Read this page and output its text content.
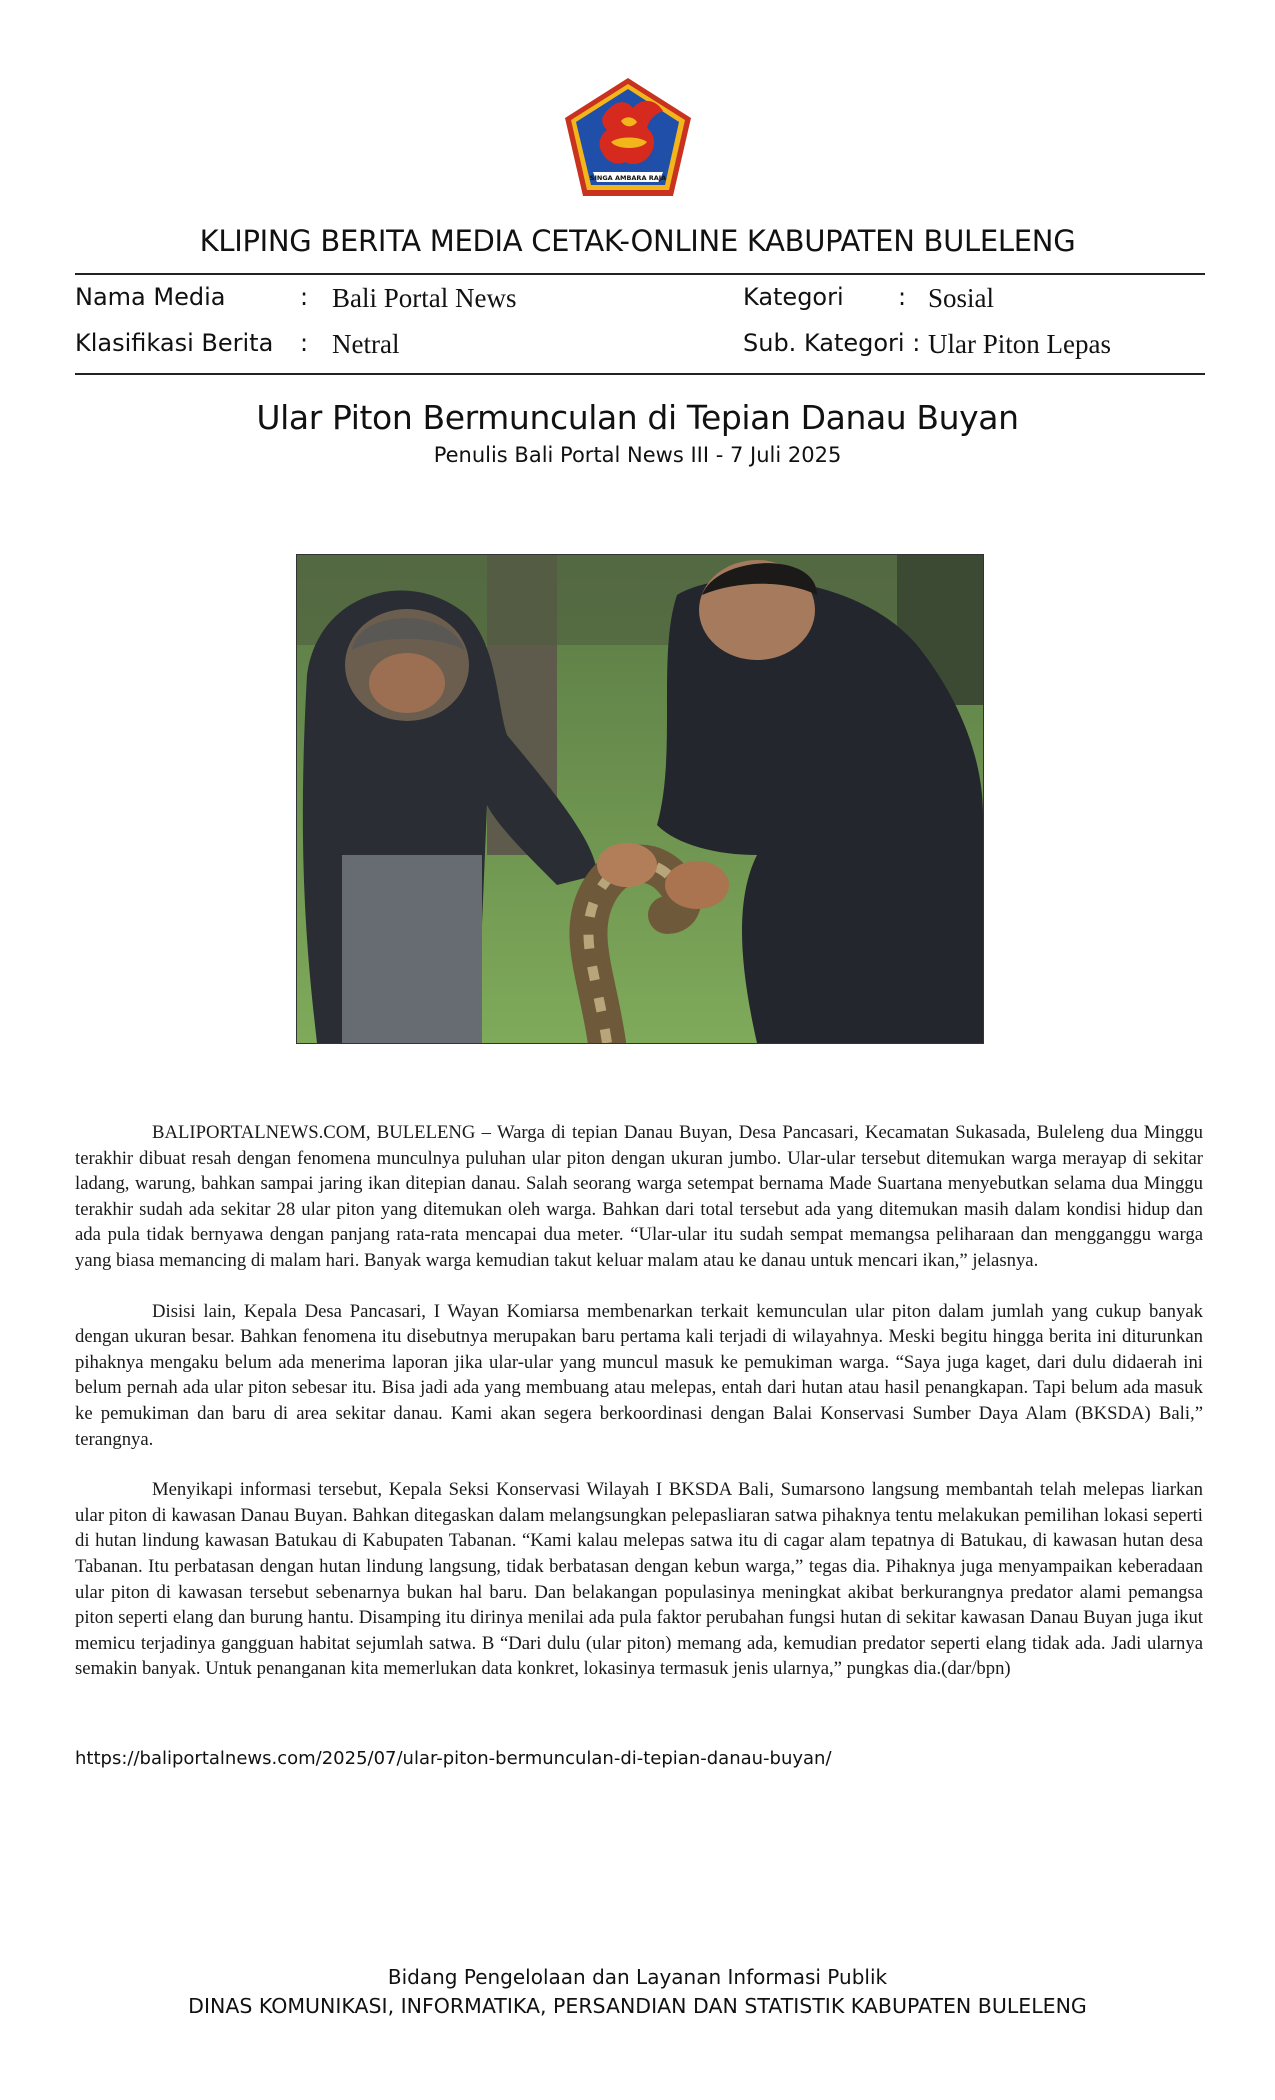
SINGA AMBARA RAJA
KLIPING BERITA MEDIA CETAK-ONLINE KABUPATEN BULELENG
Nama Media	: Bali Portal News	Kategori : Sosial
Klasifikasi Berita : Netral	Sub. Kategori : Ular Piton Lepas
Ular Piton Bermunculan di Tepian Danau Buyan
Penulis Bali Portal News III - 7 Juli 2025

BALIPORTALNEWS.COM, BULELENG – Warga di tepian Danau Buyan, Desa Pancasari, Kecamatan Sukasada, Buleleng dua Minggu terakhir dibuat resah dengan fenomena munculnya puluhan ular piton dengan ukuran jumbo. Ular-ular tersebut ditemukan warga merayap di sekitar ladang, warung, bahkan sampai jaring ikan ditepian danau. Salah seorang warga setempat bernama Made Suartana menyebutkan selama dua Minggu terakhir sudah ada sekitar 28 ular piton yang ditemukan oleh warga. Bahkan dari total tersebut ada yang ditemukan masih dalam kondisi hidup dan ada pula tidak bernyawa dengan panjang rata-rata mencapai dua meter. “Ular-ular itu sudah sempat memangsa peliharaan dan mengganggu warga yang biasa memancing di malam hari. Banyak warga kemudian takut keluar malam atau ke danau untuk mencari ikan,” jelasnya.

Disisi lain, Kepala Desa Pancasari, I Wayan Komiarsa membenarkan terkait kemunculan ular piton dalam jumlah yang cukup banyak dengan ukuran besar. Bahkan fenomena itu disebutnya merupakan baru pertama kali terjadi di wilayahnya. Meski begitu hingga berita ini diturunkan pihaknya mengaku belum ada menerima laporan jika ular-ular yang muncul masuk ke pemukiman warga. “Saya juga kaget, dari dulu didaerah ini belum pernah ada ular piton sebesar itu. Bisa jadi ada yang membuang atau melepas, entah dari hutan atau hasil penangkapan. Tapi belum ada masuk ke pemukiman dan baru di area sekitar danau. Kami akan segera berkoordinasi dengan Balai Konservasi Sumber Daya Alam (BKSDA) Bali,” terangnya.

Menyikapi informasi tersebut, Kepala Seksi Konservasi Wilayah I BKSDA Bali, Sumarsono langsung membantah telah melepas liarkan ular piton di kawasan Danau Buyan. Bahkan ditegaskan dalam melangsungkan pelepasliaran satwa pihaknya tentu melakukan pemilihan lokasi seperti di hutan lindung kawasan Batukau di Kabupaten Tabanan. “Kami kalau melepas satwa itu di cagar alam tepatnya di Batukau, di kawasan hutan desa Tabanan. Itu perbatasan dengan hutan lindung langsung, tidak berbatasan dengan kebun warga,” tegas dia. Pihaknya juga menyampaikan keberadaan ular piton di kawasan tersebut sebenarnya bukan hal baru. Dan belakangan populasinya meningkat akibat berkurangnya predator alami pemangsa piton seperti elang dan burung hantu. Disamping itu dirinya menilai ada pula faktor perubahan fungsi hutan di sekitar kawasan Danau Buyan juga ikut memicu terjadinya gangguan habitat sejumlah satwa. B “Dari dulu (ular piton) memang ada, kemudian predator seperti elang tidak ada. Jadi ularnya semakin banyak. Untuk penanganan kita memerlukan data konkret, lokasinya termasuk jenis ularnya,” pungkas dia.(dar/bpn)

https://baliportalnews.com/2025/07/ular-piton-bermunculan-di-tepian-danau-buyan/
Bidang Pengelolaan dan Layanan Informasi Publik
DINAS KOMUNIKASI, INFORMATIKA, PERSANDIAN DAN STATISTIK KABUPATEN BULELENG
